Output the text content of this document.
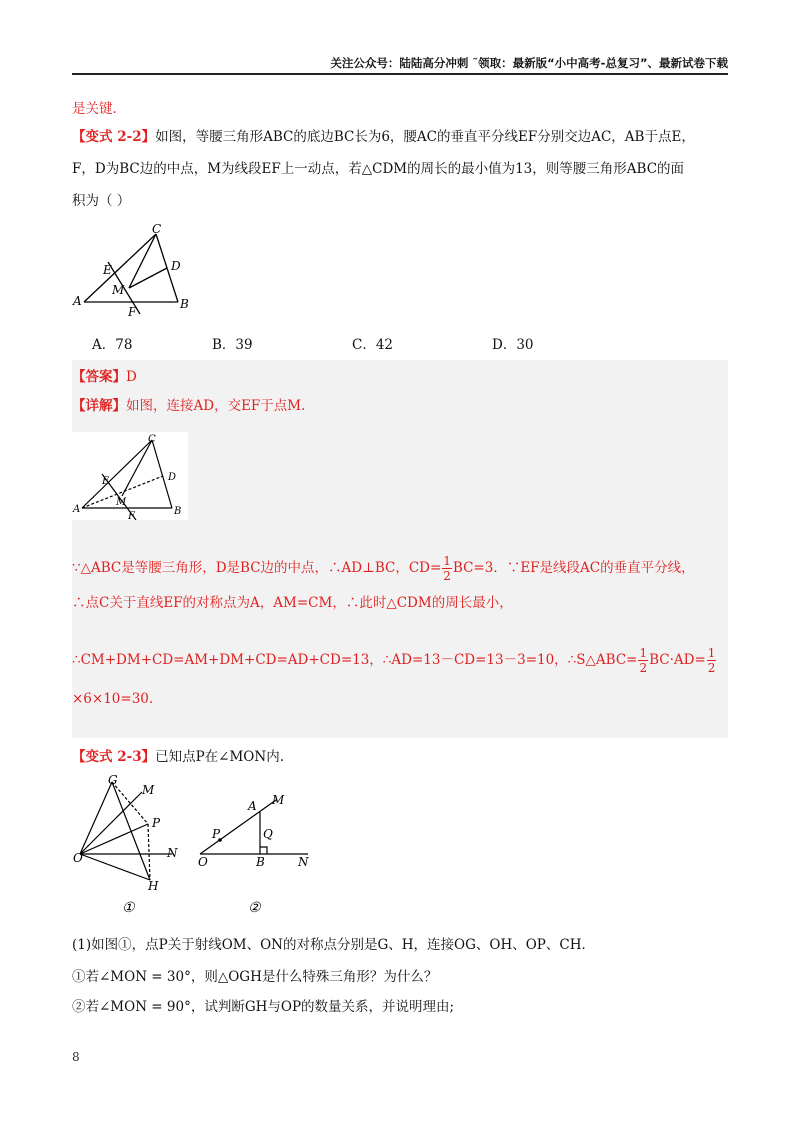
关注公众号：陆陆高分冲刺 ˜领取：最新版“小中高考-总复习”、最新试卷下载
是关键.
【变式 2-2】如图，等腰三角形ABC的底边BC长为6，腰AC的垂直平分线EF分别交边AC，AB于点E，
F，D为BC边的中点，M为线段EF上一动点，若△CDM的周长的最小值为13，则等腰三角形ABC的面
积为（ ）
C
E	D
M
A	B
F
A．78	B．39	C．42	D．30
【答案】D
【详解】如图，连接AD，交EF于点M.
C
E	D
M
A	B
F
∵△ABC是等腰三角形，D是BC边的中点，∴AD⊥BC，$CD= \frac{1}{2} BC=3$．∵EF是线段AC的垂直平分线，
∴点C关于直线EF的对称点为A，AM=CM，∴此时△CDM的周长最小，
∴CM+DM+CD=AM+DM+CD=AD+CD=13，∴AD=13－CD=13－3=10，∴S△ABC= $\frac{1}{2} BC\cdot AD= \frac{1}{2}$
×6×10=30.
【变式 2-3】已知点P在∠MON内.
G
M
P
N
O
H
A M
P	Q
O	B	N
①	②
(1)如图①，点P关于射线OM、ON的对称点分别是G、H，连接OG、OH、OP、CH．
①若∠MON = 30°，则△OGH是什么特殊三角形？为什么？
②若∠MON = 90°，试判断GH与OP的数量关系，并说明理由;
8
